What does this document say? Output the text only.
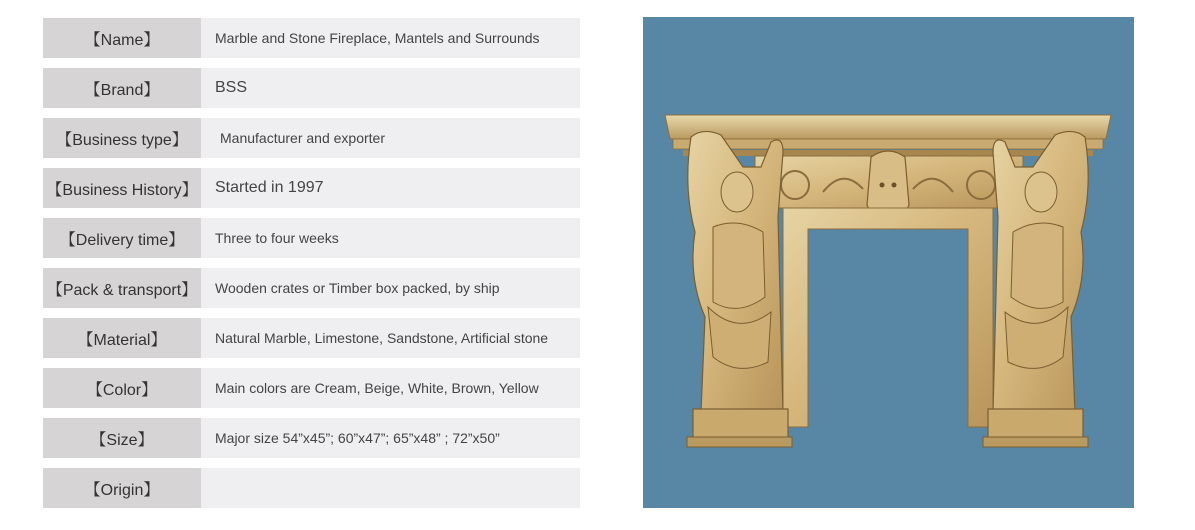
【Name】	Marble and Stone Fireplace, Mantels and Surrounds
【Brand】	BSS
【Business type】	Manufacturer and exporter
【Business History】	Started in 1997
【Delivery time】	Three to four weeks
【Pack & transport】	Wooden crates or Timber box packed, by ship
【Material】	Natural Marble, Limestone, Sandstone, Artificial stone
【Color】	Main colors are Cream, Beige, White, Brown, Yellow
【Size】	Major size 54”x45”; 60”x47”; 65”x48” ; 72”x50”
【Origin】
